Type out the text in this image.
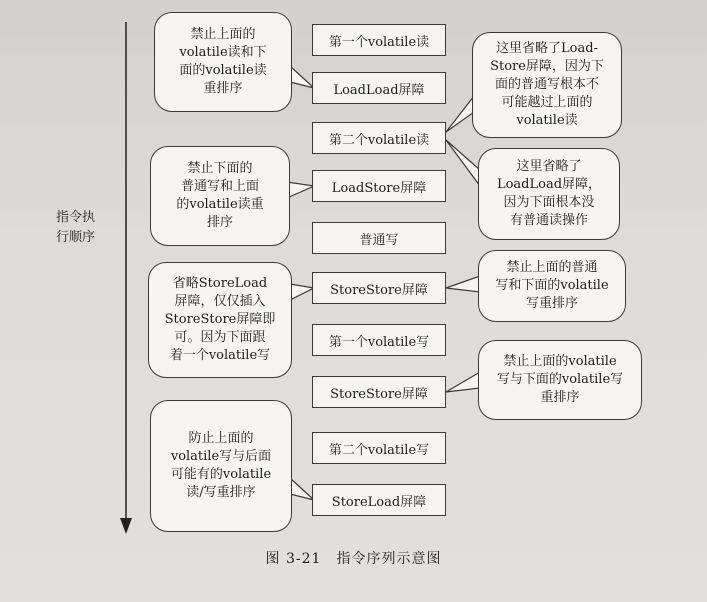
指令执
行顺序
第一个volatile读
LoadLoad屏障
第二个volatile读
LoadStore屏障
普通写
StoreStore屏障
第一个volatile写
StoreStore屏障
第二个volatile写
StoreLoad屏障
禁止上面的
volatile读和下
面的volatile读
重排序
禁止下面的
普通写和上面
的volatile读重
排序
省略StoreLoad
屏障，仅仅插入
StoreStore屏障即
可。因为下面跟
着一个volatile写
防止上面的
volatile写与后面
可能有的volatile
读/写重排序
这里省略了Load-
Store屏障，因为下
面的普通写根本不
可能越过上面的
volatile读
这里省略了
LoadLoad屏障，
因为下面根本没
有普通读操作
禁止上面的普通
写和下面的volatile
写重排序
禁止上面的volatile
写与下面的volatile写
重排序
图 3-21　指令序列示意图
